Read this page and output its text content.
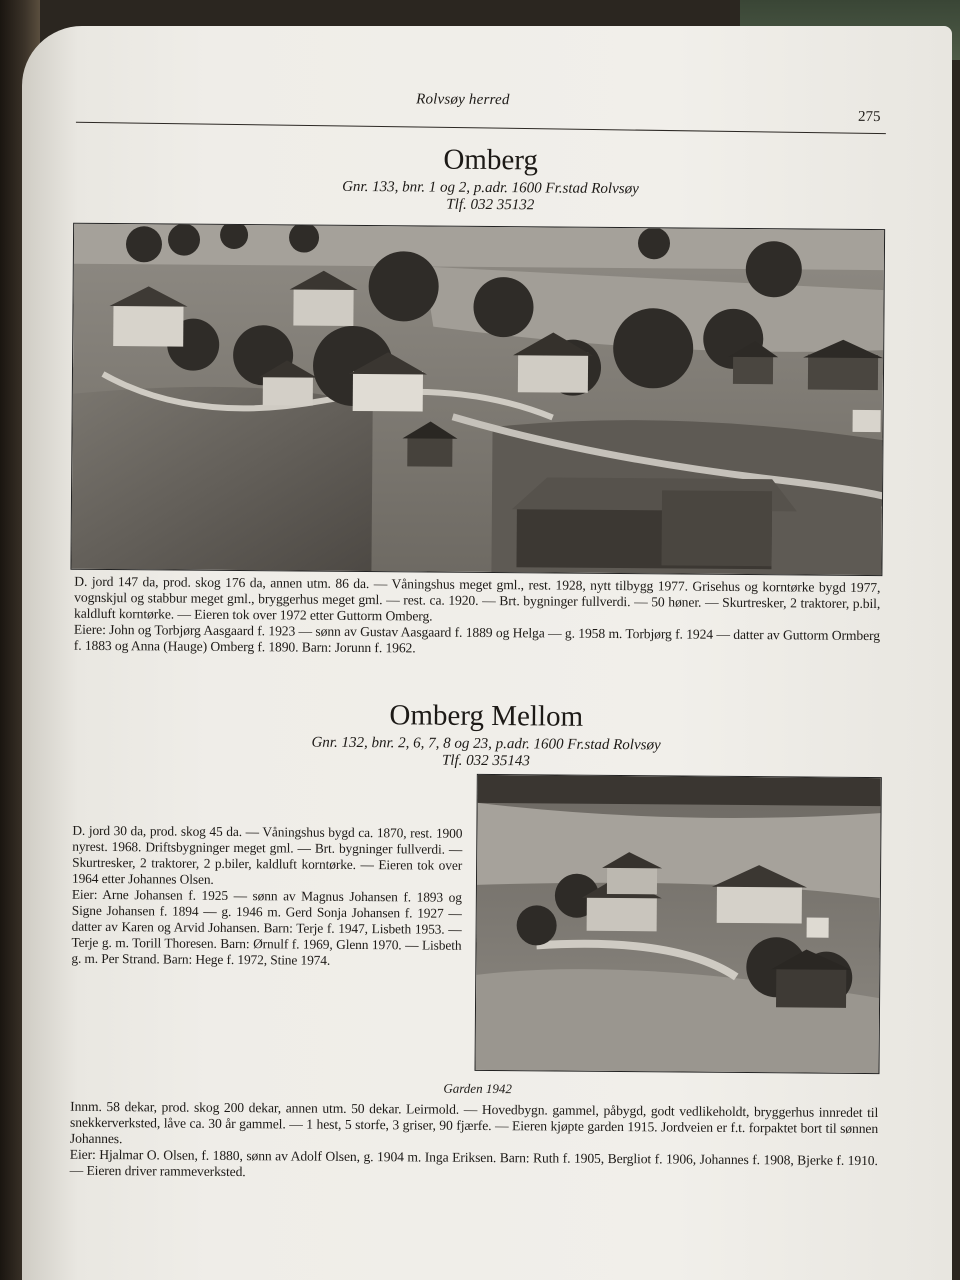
Rolvsøy herred
275
Omberg
Gnr. 133, bnr. 1 og 2, p.adr. 1600 Fr.stad Rolvsøy
Tlf. 032 35132

D. jord 147 da, prod. skog 176 da, annen utm. 86 da. — Våningshus meget gml., rest. 1928, nytt tilbygg 1977. Grisehus og korntørke bygd 1977, vognskjul og stabbur meget gml., bryggerhus meget gml. — rest. ca. 1920. — Brt. bygninger fullverdi. — 50 høner. — Skurtresker, 2 traktorer, p.bil, kaldluft korntørke. — Eieren tok over 1972 etter Guttorm Omberg.

Eiere: John og Torbjørg Aasgaard f. 1923 — sønn av Gustav Aasgaard f. 1889 og Helga — g. 1958 m. Torbjørg f. 1924 — datter av Guttorm Ormberg f. 1883 og Anna (Hauge) Omberg f. 1890. Barn: Jorunn f. 1962.

Omberg Mellom
Gnr. 132, bnr. 2, 6, 7, 8 og 23, p.adr. 1600 Fr.stad Rolvsøy
Tlf. 032 35143

D. jord 30 da, prod. skog 45 da. — Våningshus bygd ca. 1870, rest. 1900 nyrest. 1968. Driftsbygninger meget gml. — Brt. bygninger fullverdi. — Skurtresker, 2 traktorer, 2 p.biler, kaldluft korntørke. — Eieren tok over 1964 etter Johannes Olsen.

Eier: Arne Johansen f. 1925 — sønn av Magnus Johansen f. 1893 og Signe Johansen f. 1894 — g. 1946 m. Gerd Sonja Johansen f. 1927 — datter av Karen og Arvid Johansen. Barn: Terje f. 1947, Lisbeth 1953. — Terje g. m. Torill Thoresen. Barn: Ørnulf f. 1969, Glenn 1970. — Lisbeth g. m. Per Strand. Barn: Hege f. 1972, Stine 1974.

Garden 1942

Innm. 58 dekar, prod. skog 200 dekar, annen utm. 50 dekar. Leirmold. — Hovedbygn. gammel, påbygd, godt vedlikeholdt, bryggerhus innredet til snekkerverksted, låve ca. 30 år gammel. — 1 hest, 5 storfe, 3 griser, 90 fjærfe. — Eieren kjøpte garden 1915. Jordveien er f.t. forpaktet bort til sønnen Johannes.

Eier: Hjalmar O. Olsen, f. 1880, sønn av Adolf Olsen, g. 1904 m. Inga Eriksen. Barn: Ruth f. 1905, Bergliot f. 1906, Johannes f. 1908, Bjerke f. 1910. — Eieren driver rammeverksted.
